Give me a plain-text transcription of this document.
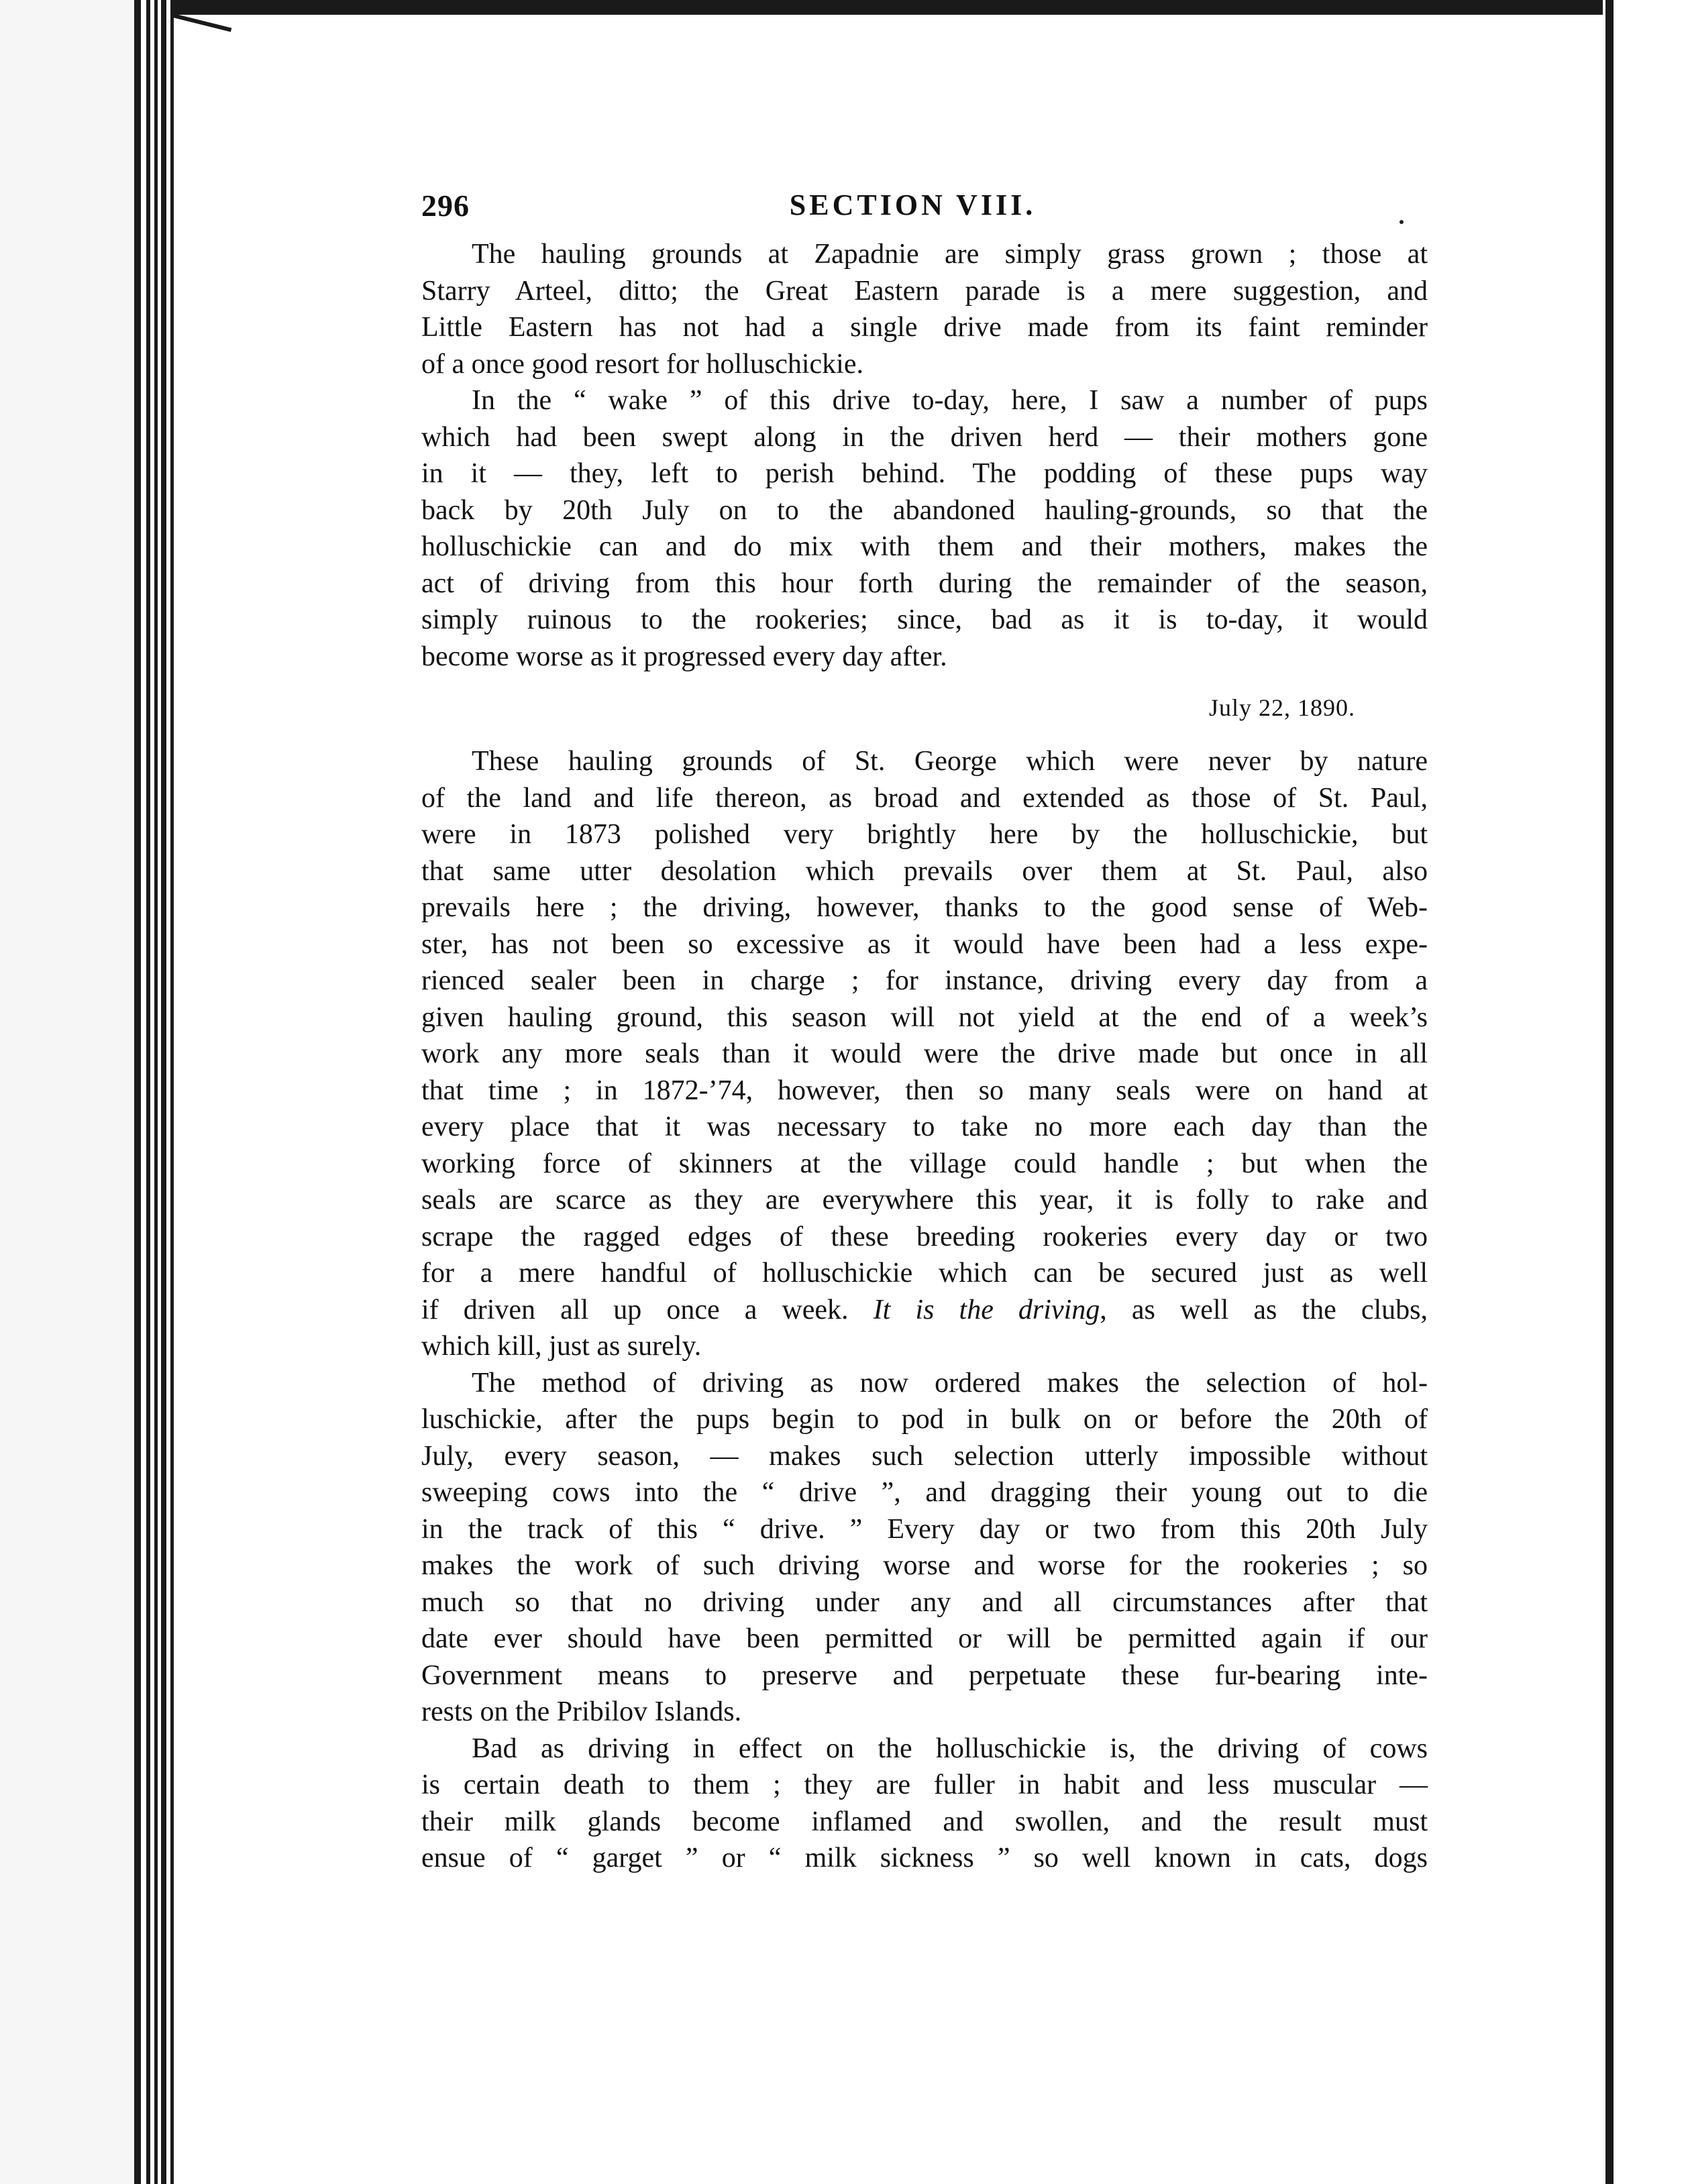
296	SECTION VIII.
The hauling grounds at Zapadnie are simply grass grown ; those at
Starry Arteel, ditto; the Great Eastern parade is a mere suggestion, and
Little Eastern has not had a single drive made from its faint reminder
of a once good resort for holluschickie.
In the “ wake ” of this drive to-day, here, I saw a number of pups
which had been swept along in the driven herd — their mothers gone
in it — they, left to perish behind. The podding of these pups way
back by 20th July on to the abandoned hauling-grounds, so that the
holluschickie can and do mix with them and their mothers, makes the
act of driving from this hour forth during the remainder of the season,
simply ruinous to the rookeries; since, bad as it is to-day, it would
become worse as it progressed every day after.
July 22, 1890.
These hauling grounds of St. George which were never by nature
of the land and life thereon, as broad and extended as those of St. Paul,
were in 1873 polished very brightly here by the holluschickie, but
that same utter desolation which prevails over them at St. Paul, also
prevails here ; the driving, however, thanks to the good sense of Web-
ster, has not been so excessive as it would have been had a less expe-
rienced sealer been in charge ; for instance, driving every day from a
given hauling ground, this season will not yield at the end of a week’s
work any more seals than it would were the drive made but once in all
that time ; in 1872-’74, however, then so many seals were on hand at
every place that it was necessary to take no more each day than the
working force of skinners at the village could handle ; but when the
seals are scarce as they are everywhere this year, it is folly to rake and
scrape the ragged edges of these breeding rookeries every day or two
for a mere handful of holluschickie which can be secured just as well
if driven all up once a week. It is the driving, as well as the clubs,
which kill, just as surely.
The method of driving as now ordered makes the selection of hol-
luschickie, after the pups begin to pod in bulk on or before the 20th of
July, every season, — makes such selection utterly impossible without
sweeping cows into the “ drive ”, and dragging their young out to die
in the track of this “ drive. ” Every day or two from this 20th July
makes the work of such driving worse and worse for the rookeries ; so
much so that no driving under any and all circumstances after that
date ever should have been permitted or will be permitted again if our
Government means to preserve and perpetuate these fur-bearing inte-
rests on the Pribilov Islands.
Bad as driving in effect on the holluschickie is, the driving of cows
is certain death to them ; they are fuller in habit and less muscular —
their milk glands become inflamed and swollen, and the result must
ensue of “ garget ” or “ milk sickness ” so well known in cats, dogs
